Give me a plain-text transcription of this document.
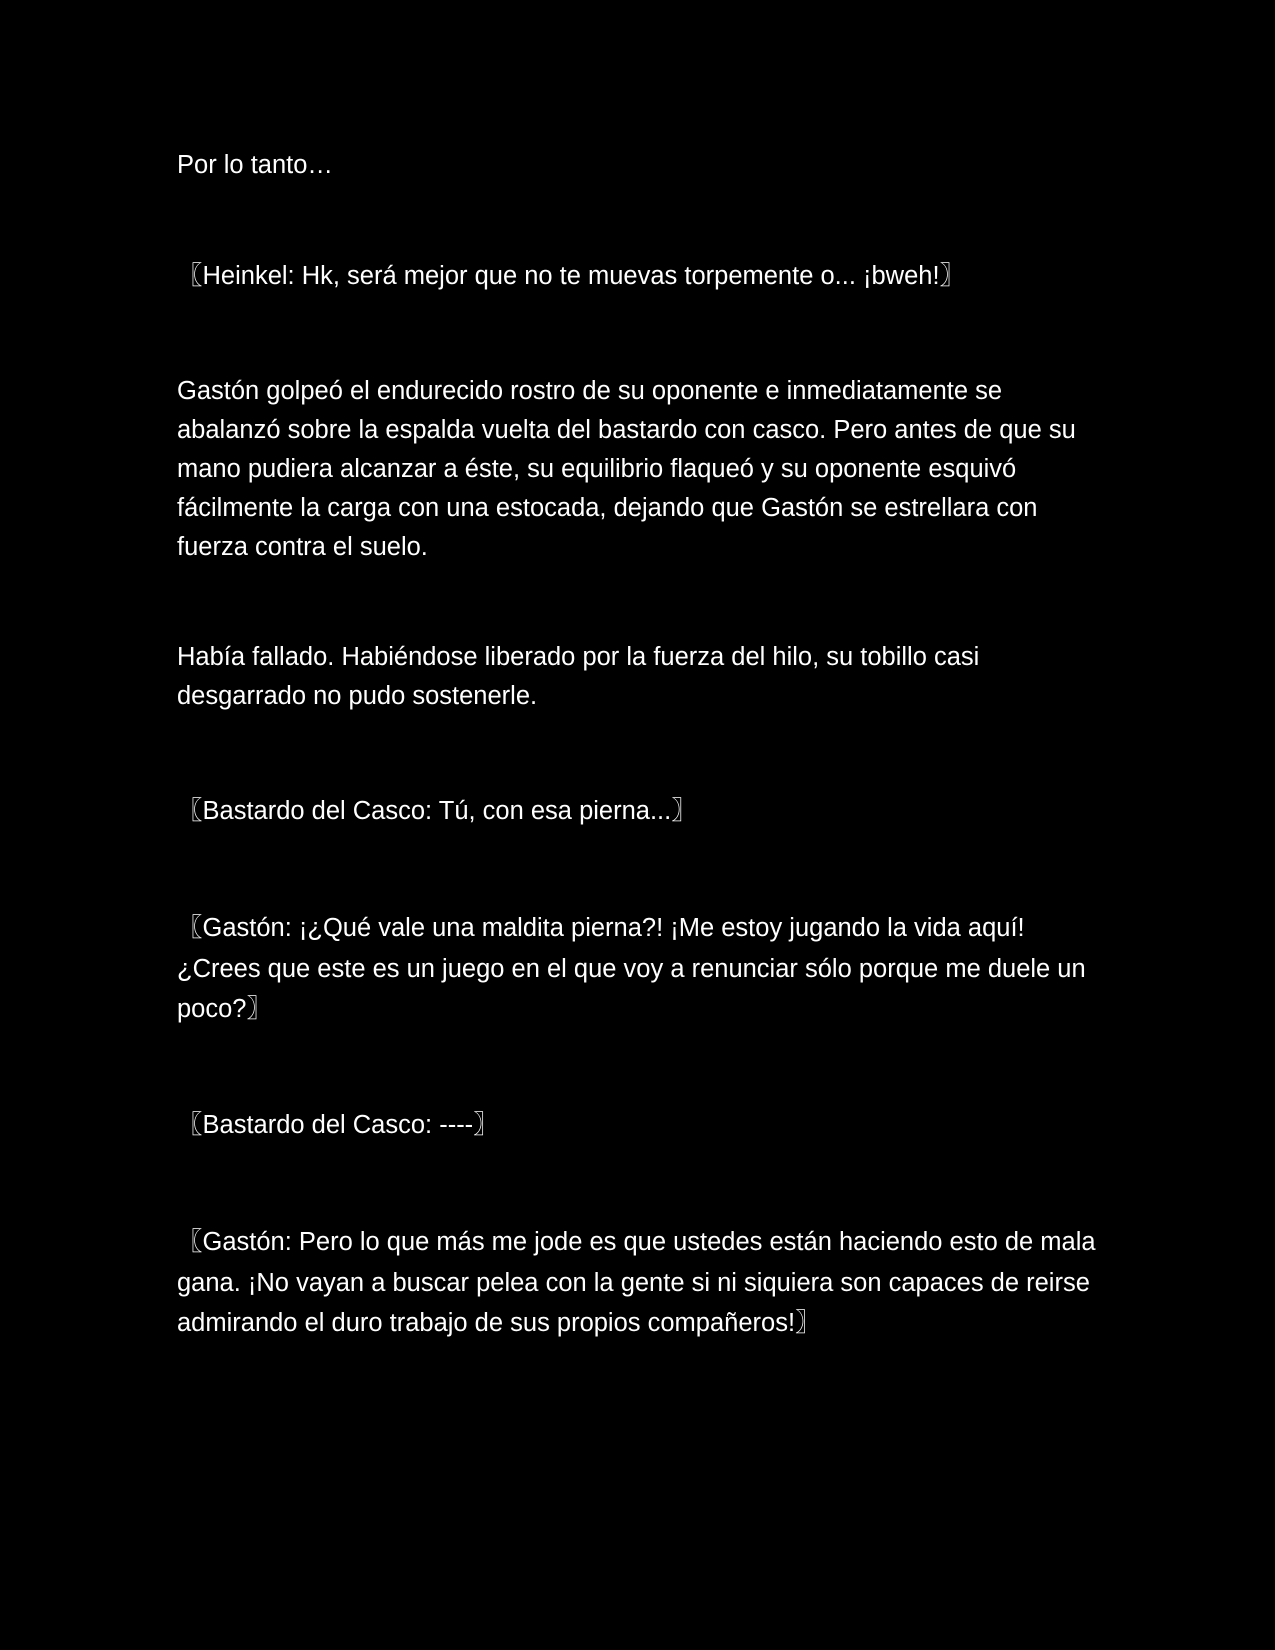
Por lo tanto…

〖Heinkel: Hk, será mejor que no te muevas torpemente o... ¡bweh!〗

Gastón golpeó el endurecido rostro de su oponente e inmediatamente se abalanzó sobre la espalda vuelta del bastardo con casco. Pero antes de que su mano pudiera alcanzar a éste, su equilibrio flaqueó y su oponente esquivó fácilmente la carga con una estocada, dejando que Gastón se estrellara con fuerza contra el suelo.

Había fallado. Habiéndose liberado por la fuerza del hilo, su tobillo casi desgarrado no pudo sostenerle.

〖Bastardo del Casco: Tú, con esa pierna...〗

〖Gastón: ¡¿Qué vale una maldita pierna?! ¡Me estoy jugando la vida aquí! ¿Crees que este es un juego en el que voy a renunciar sólo porque me duele un poco?〗

〖Bastardo del Casco: ----〗

〖Gastón: Pero lo que más me jode es que ustedes están haciendo esto de mala gana. ¡No vayan a buscar pelea con la gente si ni siquiera son capaces de reirse admirando el duro trabajo de sus propios compañeros!〗
